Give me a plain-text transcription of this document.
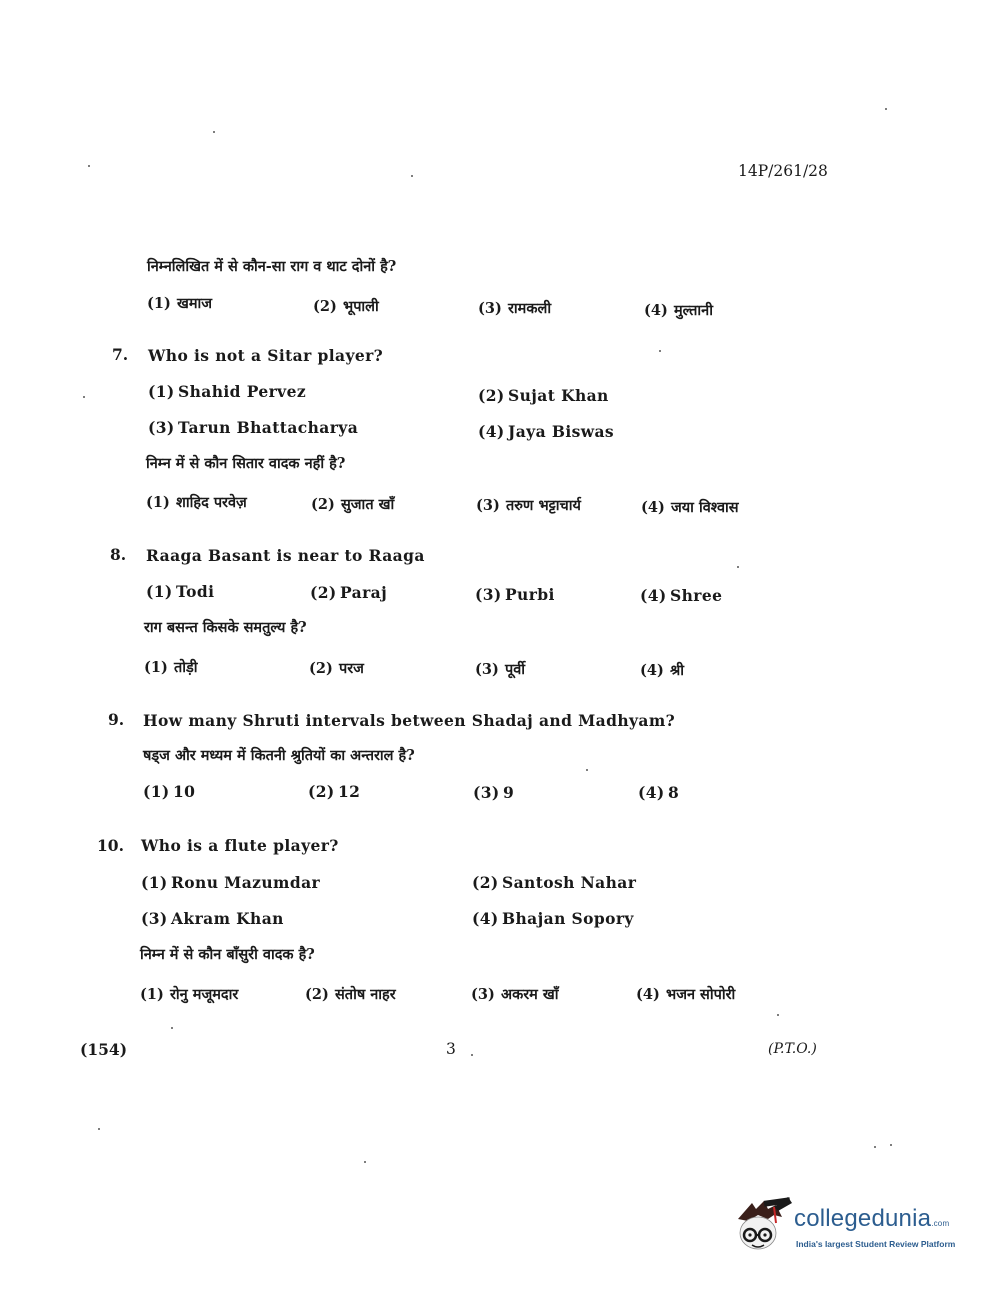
14P/261/28
निम्नलिखित में से कौन-सा राग व थाट दोनों है?
(1) खमाज	(2) भूपाली	(3) रामकली	(4) मुल्तानी
7. Who is not a Sitar player?
(1) Shahid Pervez	(2) Sujat Khan
(3) Tarun Bhattacharya	(4) Jaya Biswas
निम्न में से कौन सितार वादक नहीं है?
(1) शाहिद परवेज़	(2) सुजात खाँ	(3) तरुण भट्टाचार्य	(4) जया विश्वास
8. Raaga Basant is near to Raaga
(1) Todi	(2) Paraj	(3) Purbi	(4) Shree
राग बसन्त किसके समतुल्य है?
(1) तोड़ी	(2) परज	(3) पूर्वी	(4) श्री
9. How many Shruti intervals between Shadaj and Madhyam?
षड्ज और मध्यम में कितनी श्रुतियों का अन्तराल है?
(1) 10	(2) 12	(3) 9	(4) 8
10. Who is a flute player?
(1) Ronu Mazumdar	(2) Santosh Nahar
(3) Akram Khan	(4) Bhajan Sopory
निम्न में से कौन बाँसुरी वादक है?
(1) रोनु मजूमदार	(2) संतोष नाहर	(3) अकरम खाँ	(4) भजन सोपोरी
(154)	3	(P.T.O.)
collegedunia.com
India's largest Student Review Platform
